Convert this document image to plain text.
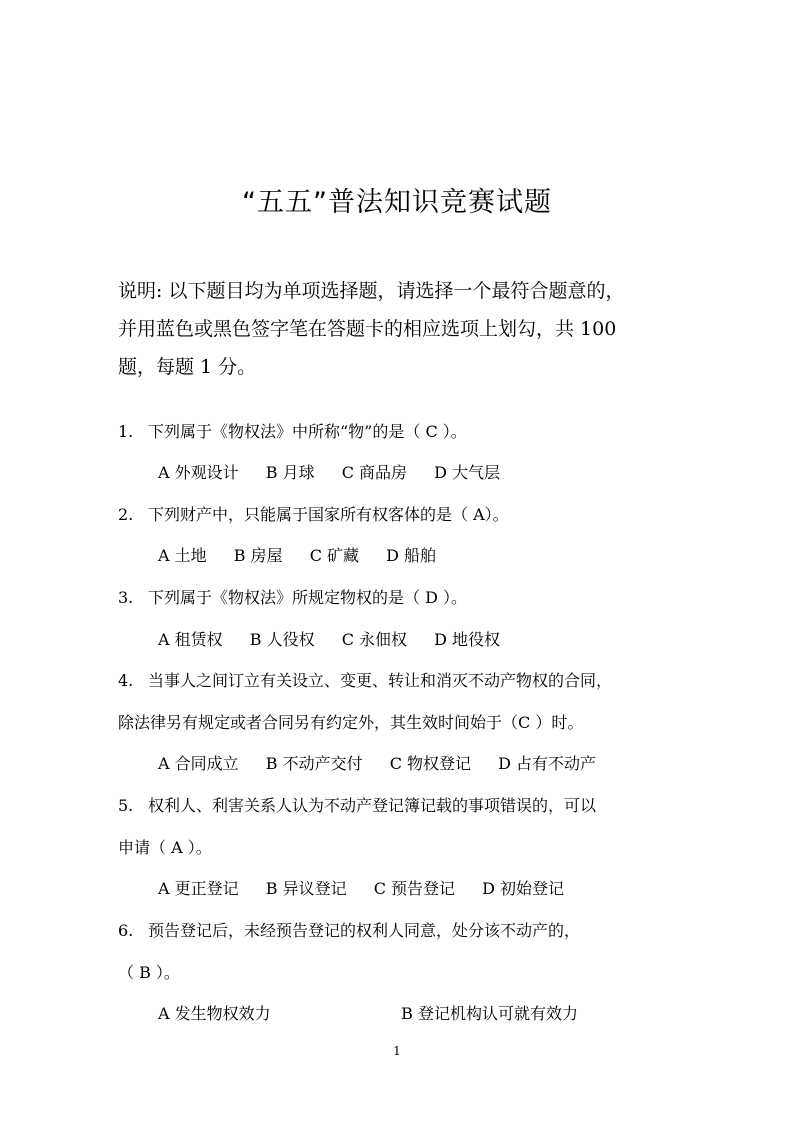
“五五”普法知识竞赛试题

说明: 以下题目均为单项选择题，请选择一个最符合题意的，

并用蓝色或黑色签字笔在答题卡的相应选项上划勾，共 100

题，每题 1 分。

1. 下列属于《物权法》中所称“物”的是（ C ）。
A 外观设计 B 月球 C 商品房 D 大气层
2. 下列财产中，只能属于国家所有权客体的是（ A）。
A 土地 B 房屋 C 矿藏 D 船舶
3. 下列属于《物权法》所规定物权的是（ D ）。
A 租赁权 B 人役权 C 永佃权 D 地役权
4. 当事人之间订立有关设立、变更、转让和消灭不动产物权的合同，
除法律另有规定或者合同另有约定外，其生效时间始于（C ）时。
A 合同成立 B 不动产交付 C 物权登记 D 占有不动产
5. 权利人、利害关系人认为不动产登记簿记载的事项错误的，可以
申请（ A ）。
A 更正登记 B 异议登记 C 预告登记 D 初始登记
6. 预告登记后，未经预告登记的权利人同意，处分该不动产的，
（ B ）。
A 发生物权效力	B 登记机构认可就有效力
1
